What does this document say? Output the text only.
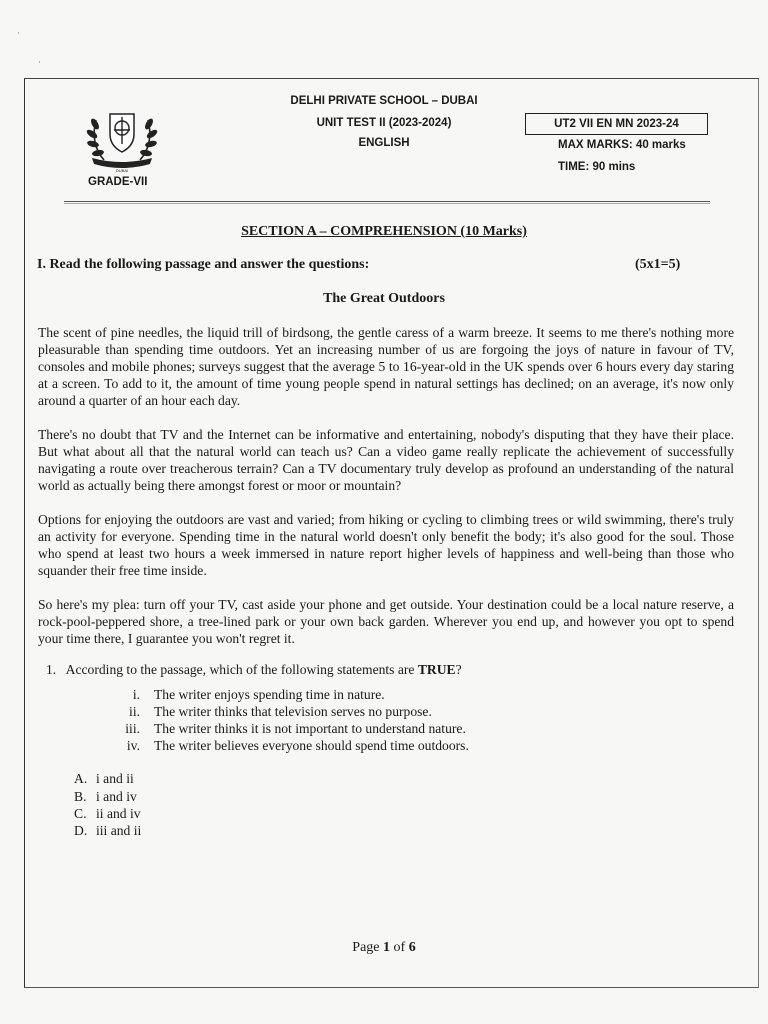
·
·
DUBAI
GRADE-VII
DELHI PRIVATE SCHOOL – DUBAI
UNIT TEST II (2023-2024)
ENGLISH
UT2 VII EN MN 2023-24
MAX MARKS: 40 marks
TIME: 90 mins
SECTION A – COMPREHENSION (10 Marks)
I. Read the following passage and answer the questions:	(5x1=5)
The Great Outdoors

The scent of pine needles, the liquid trill of birdsong, the gentle caress of a warm breeze. It seems to me there's nothing more pleasurable than spending time outdoors. Yet an increasing number of us are forgoing the joys of nature in favour of TV, consoles and mobile phones; surveys suggest that the average 5 to 16-year-old in the UK spends over 6 hours every day staring at a screen. To add to it, the amount of time young people spend in natural settings has declined; on an average, it's now only around a quarter of an hour each day.

There's no doubt that TV and the Internet can be informative and entertaining, nobody's disputing that they have their place. But what about all that the natural world can teach us? Can a video game really replicate the achievement of successfully navigating a route over treacherous terrain? Can a TV documentary truly develop as profound an understanding of the natural world as actually being there amongst forest or moor or mountain?

Options for enjoying the outdoors are vast and varied; from hiking or cycling to climbing trees or wild swimming, there's truly an activity for everyone. Spending time in the natural world doesn't only benefit the body; it's also good for the soul. Those who spend at least two hours a week immersed in nature report higher levels of happiness and well-being than those who squander their free time inside.

So here's my plea: turn off your TV, cast aside your phone and get outside. Your destination could be a local nature reserve, a rock-pool-peppered shore, a tree-lined park or your own back garden. Wherever you end up, and however you opt to spend your time there, I guarantee you won't regret it.

1. According to the passage, which of the following statements are TRUE?
i. The writer enjoys spending time in nature.
ii. The writer thinks that television serves no purpose.
iii. The writer thinks it is not important to understand nature.
iv. The writer believes everyone should spend time outdoors.
A. i and ii
B. i and iv
C. ii and iv
D. iii and ii
Page 1 of 6
